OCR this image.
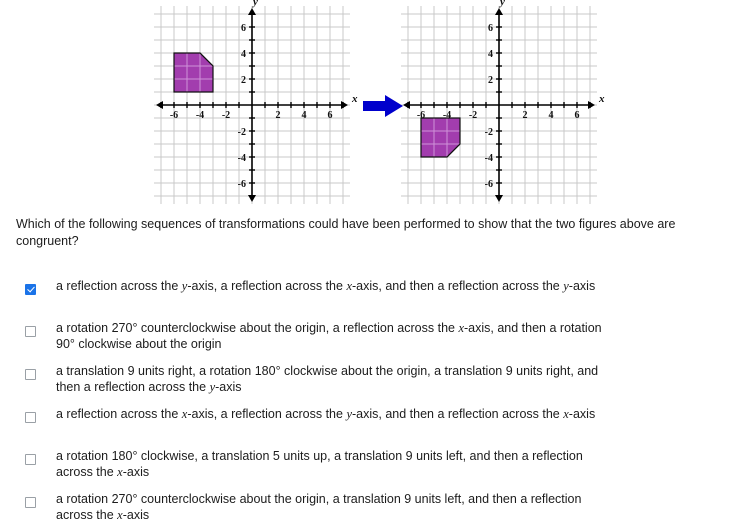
-6 -4 -2	2 4 6
6
4
2
-2
-4
-6
y
x
-6 -4 -2	2 4 6
6
4
2
-2
-4
-6
y
x
Which of the following sequences of transformations could have been performed to show that the two figures above are congruent?
a reflection across the y-axis, a reflection across the x-axis, and then a reflection across the y-axis
a rotation 270° counterclockwise about the origin, a reflection across the x-axis, and then a rotation 90° clockwise about the origin
a translation 9 units right, a rotation 180° clockwise about the origin, a translation 9 units right, and then a reflection across the y-axis
a reflection across the x-axis, a reflection across the y-axis, and then a reflection across the x-axis
a rotation 180° clockwise, a translation 5 units up, a translation 9 units left, and then a reflection across the x-axis
a rotation 270° counterclockwise about the origin, a translation 9 units left, and then a reflection across the x-axis
